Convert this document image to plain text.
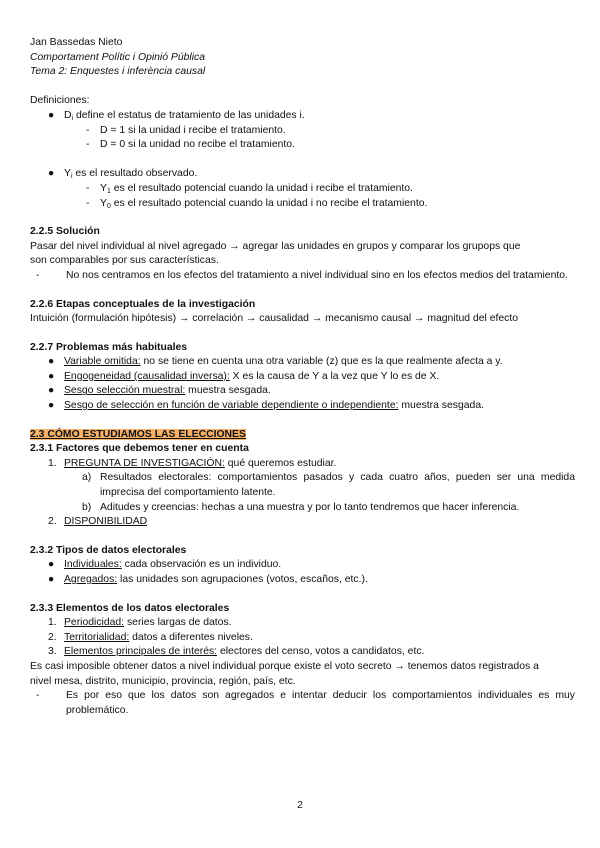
Jan Bassedas Nieto
Comportament Polític i Opinió Pública
Tema 2: Enquestes i inferència causal
Definiciones:
● $D_i$ define el estatus de tratamiento de las unidades i.
-	D = 1 si la unidad i recibe el tratamiento.
-	D = 0 si la unidad no recibe el tratamiento.
● $Y_i$ es el resultado observado.
-	$Y_1$ es el resultado potencial cuando la unidad i recibe el tratamiento.
-	$Y_0$ es el resultado potencial cuando la unidad i no recibe el tratamiento.
2.2.5 Solución
Pasar del nivel individual al nivel agregado → agregar las unidades en grupos y comparar los grupops que
son comparables por sus características.
-	No nos centramos en los efectos del tratamiento a nivel individual sino en los efectos medios del tratamiento.
2.2.6 Etapas conceptuales de la investigación
Intuición (formulación hipótesis) → correlación → causalidad → mecanismo causal → magnitud del efecto
2.2.7 Problemas más habituales
● Variable omitida: no se tiene en cuenta una otra variable (z) que es la que realmente afecta a y.
● Engogeneidad (causalidad inversa): X es la causa de Y a la vez que Y lo es de X.
● Sesgo selección muestral: muestra sesgada.
● Sesgo de selección en función de variable dependiente o independiente: muestra sesgada.
2.3 CÓMO ESTUDIAMOS LAS ELECCIONES
2.3.1 Factores que debemos tener en cuenta
1. PREGUNTA DE INVESTIGACIÓN: qué queremos estudiar.
a) Resultados electorales: comportamientos pasados y cada cuatro años, pueden ser una medida imprecisa del comportamiento latente.
b) Aditudes y creencias: hechas a una muestra y por lo tanto tendremos que hacer inferencia.
2. DISPONIBILIDAD
2.3.2 Tipos de datos electorales
● Individuales: cada observación es un individuo.
● Agregados: las unidades son agrupaciones (votos, escaños, etc.).
2.3.3 Elementos de los datos electorales
1. Periodicidad: series largas de datos.
2. Territorialidad: datos a diferentes niveles.
3. Elementos principales de interés: electores del censo, votos a candidatos, etc.
Es casi imposible obtener datos a nivel individual porque existe el voto secreto → tenemos datos registrados a
nivel mesa, distrito, municipio, provincia, región, país, etc.
-	Es por eso que los datos son agregados e intentar deducir los comportamientos individuales es muy problemático.
2
